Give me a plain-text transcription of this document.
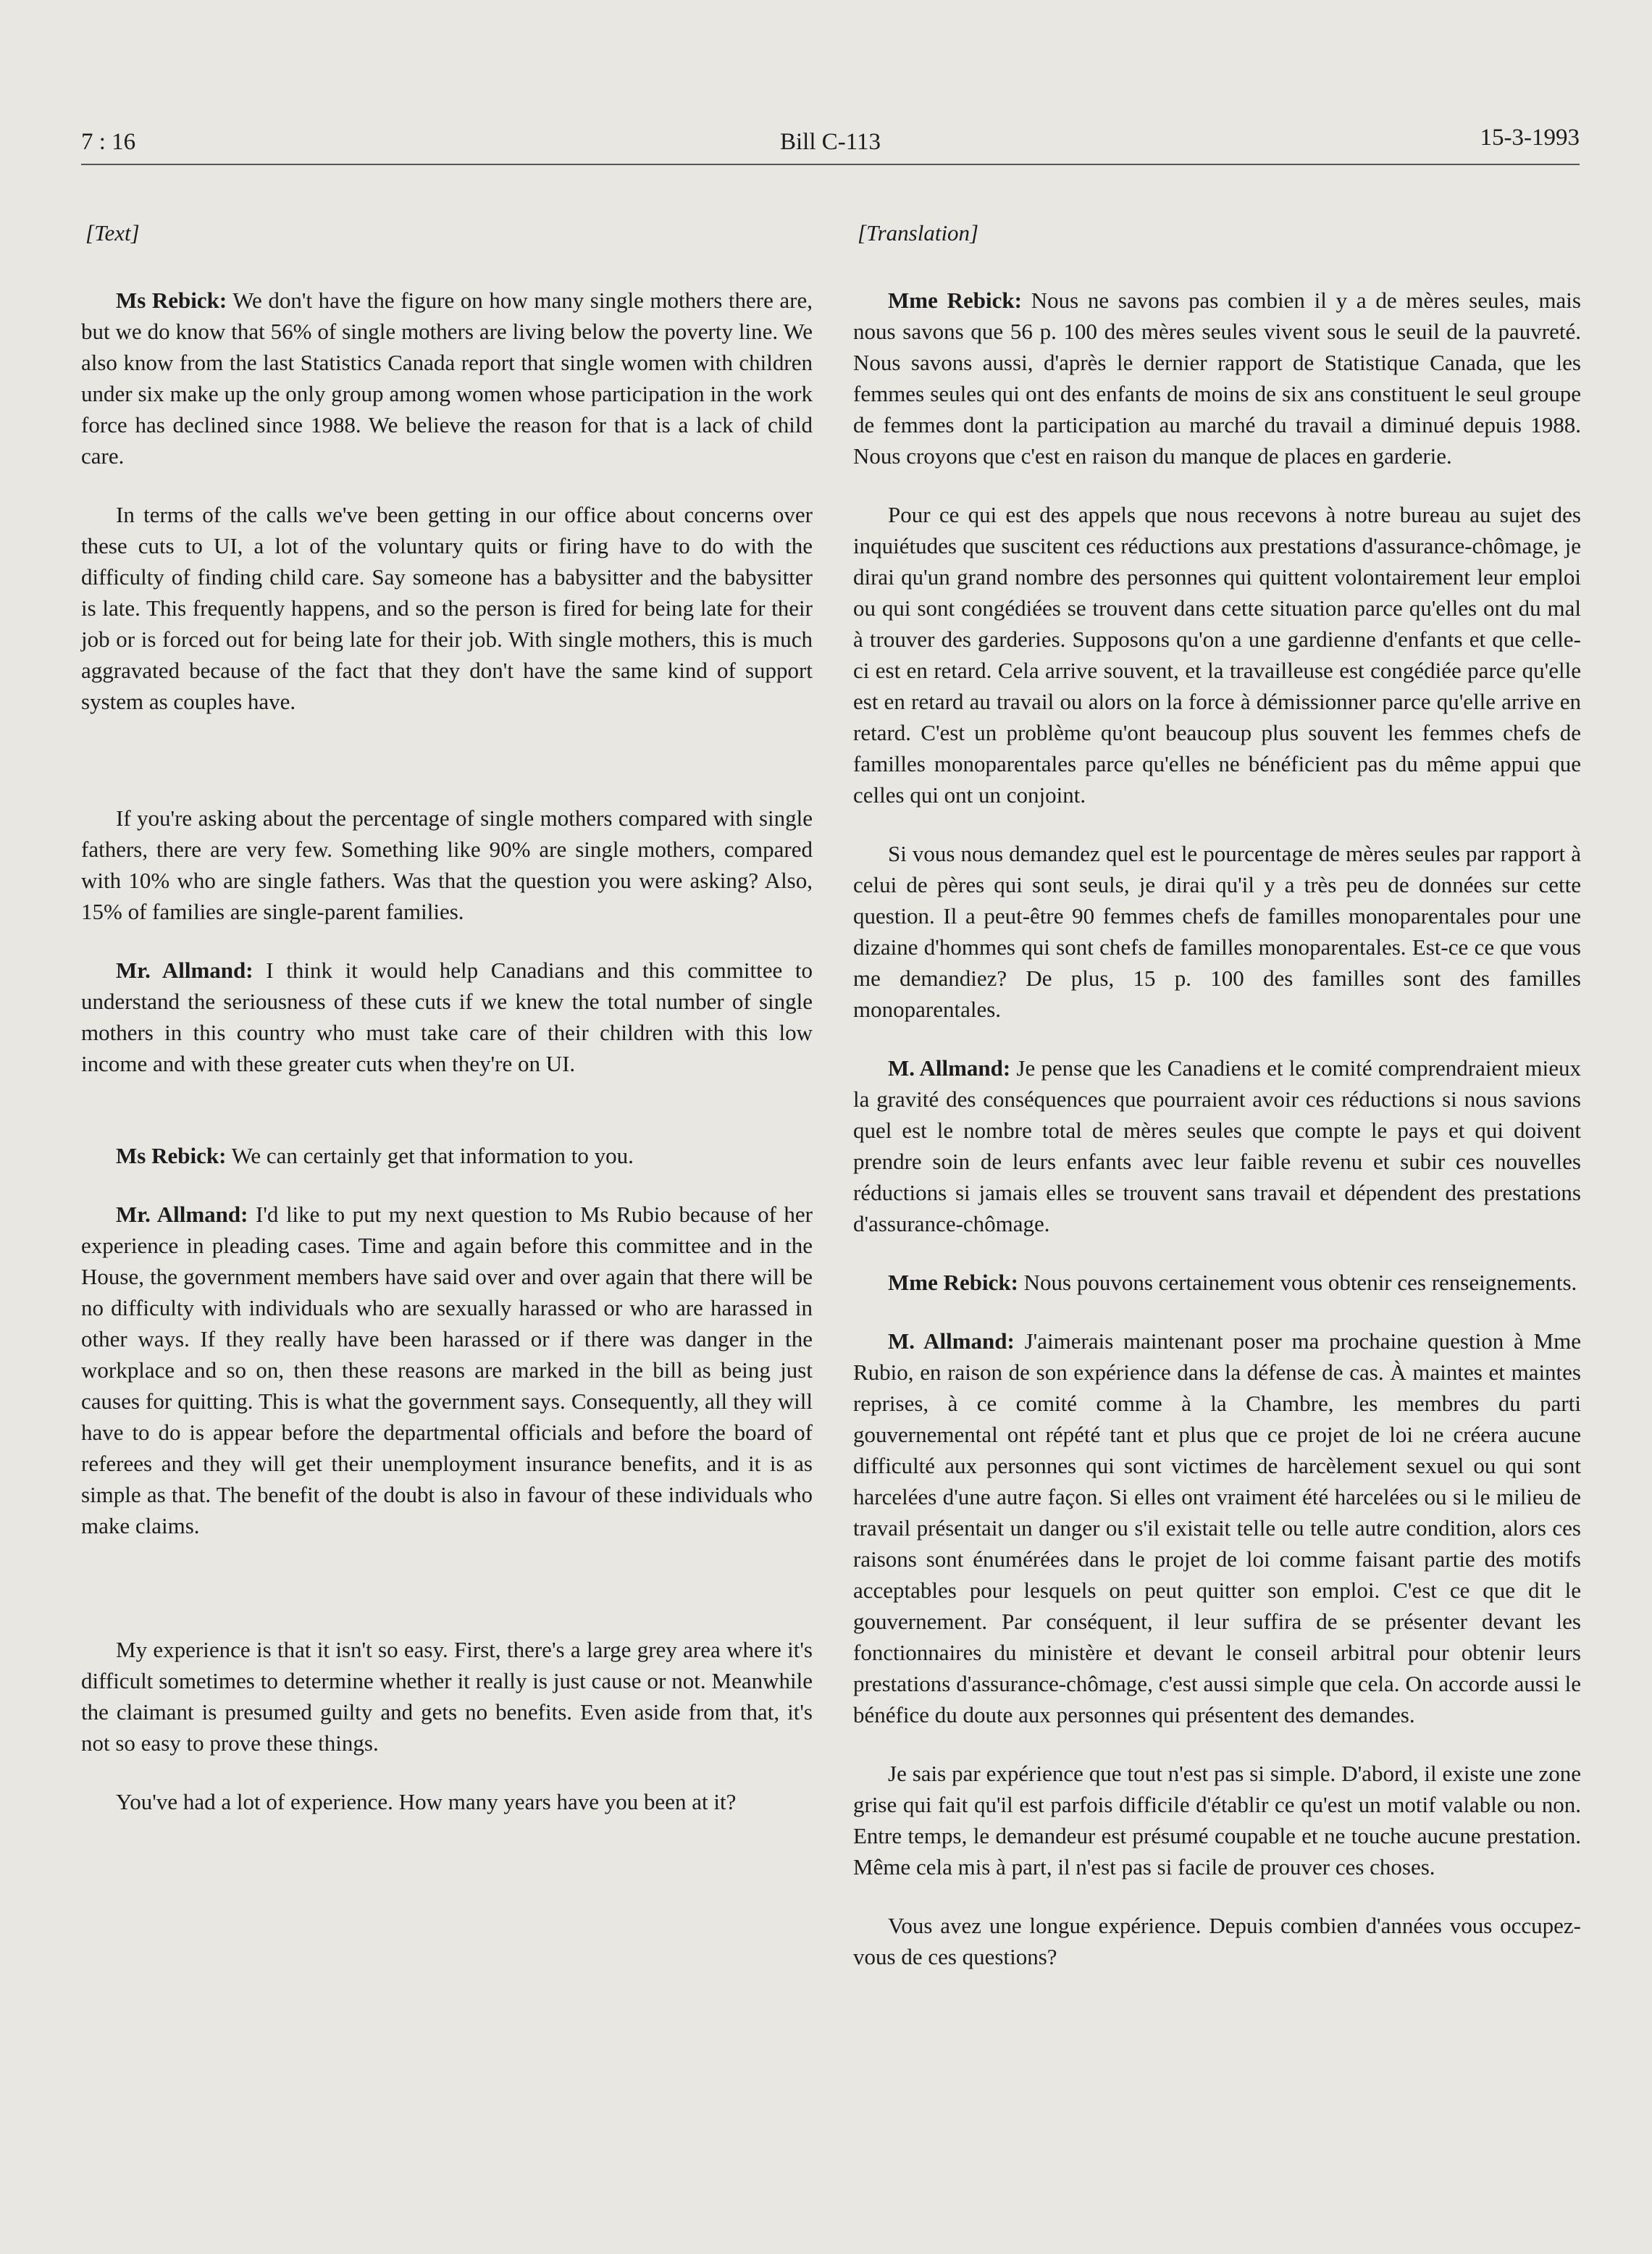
7 : 16	Bill C-113	15-3-1993
[Text]

Ms Rebick: We don't have the figure on how many single mothers there are, but we do know that 56% of single mothers are living below the poverty line. We also know from the last Statistics Canada report that single women with children under six make up the only group among women whose participation in the work force has declined since 1988. We believe the reason for that is a lack of child care.

In terms of the calls we've been getting in our office about concerns over these cuts to UI, a lot of the voluntary quits or firing have to do with the difficulty of finding child care. Say someone has a babysitter and the babysitter is late. This frequently happens, and so the person is fired for being late for their job or is forced out for being late for their job. With single mothers, this is much aggravated because of the fact that they don't have the same kind of support system as couples have.

If you're asking about the percentage of single mothers compared with single fathers, there are very few. Something like 90% are single mothers, compared with 10% who are single fathers. Was that the question you were asking? Also, 15% of families are single-parent families.

Mr. Allmand: I think it would help Canadians and this committee to understand the seriousness of these cuts if we knew the total number of single mothers in this country who must take care of their children with this low income and with these greater cuts when they're on UI.

Ms Rebick: We can certainly get that information to you.

Mr. Allmand: I'd like to put my next question to Ms Rubio because of her experience in pleading cases. Time and again before this committee and in the House, the government members have said over and over again that there will be no difficulty with individuals who are sexually harassed or who are harassed in other ways. If they really have been harassed or if there was danger in the workplace and so on, then these reasons are marked in the bill as being just causes for quitting. This is what the government says. Consequently, all they will have to do is appear before the departmental officials and before the board of referees and they will get their unemployment insurance benefits, and it is as simple as that. The benefit of the doubt is also in favour of these individuals who make claims.

My experience is that it isn't so easy. First, there's a large grey area where it's difficult sometimes to determine whether it really is just cause or not. Meanwhile the claimant is presumed guilty and gets no benefits. Even aside from that, it's not so easy to prove these things.

You've had a lot of experience. How many years have you been at it?

[Translation]

Mme Rebick: Nous ne savons pas combien il y a de mères seules, mais nous savons que 56 p. 100 des mères seules vivent sous le seuil de la pauvreté. Nous savons aussi, d'après le dernier rapport de Statistique Canada, que les femmes seules qui ont des enfants de moins de six ans constituent le seul groupe de femmes dont la participation au marché du travail a diminué depuis 1988. Nous croyons que c'est en raison du manque de places en garderie.

Pour ce qui est des appels que nous recevons à notre bureau au sujet des inquiétudes que suscitent ces réductions aux prestations d'assurance-chômage, je dirai qu'un grand nombre des personnes qui quittent volontairement leur emploi ou qui sont congédiées se trouvent dans cette situation parce qu'elles ont du mal à trouver des garderies. Supposons qu'on a une gardienne d'enfants et que celle-ci est en retard. Cela arrive souvent, et la travailleuse est congédiée parce qu'elle est en retard au travail ou alors on la force à démissionner parce qu'elle arrive en retard. C'est un problème qu'ont beaucoup plus souvent les femmes chefs de familles monoparentales parce qu'elles ne bénéficient pas du même appui que celles qui ont un conjoint.

Si vous nous demandez quel est le pourcentage de mères seules par rapport à celui de pères qui sont seuls, je dirai qu'il y a très peu de données sur cette question. Il a peut-être 90 femmes chefs de familles monoparentales pour une dizaine d'hommes qui sont chefs de familles monoparentales. Est-ce ce que vous me demandiez? De plus, 15 p. 100 des familles sont des familles monoparentales.

M. Allmand: Je pense que les Canadiens et le comité comprendraient mieux la gravité des conséquences que pourraient avoir ces réductions si nous savions quel est le nombre total de mères seules que compte le pays et qui doivent prendre soin de leurs enfants avec leur faible revenu et subir ces nouvelles réductions si jamais elles se trouvent sans travail et dépendent des prestations d'assurance-chômage.

Mme Rebick: Nous pouvons certainement vous obtenir ces renseignements.

M. Allmand: J'aimerais maintenant poser ma prochaine question à Mme Rubio, en raison de son expérience dans la défense de cas. À maintes et maintes reprises, à ce comité comme à la Chambre, les membres du parti gouvernemental ont répété tant et plus que ce projet de loi ne créera aucune difficulté aux personnes qui sont victimes de harcèlement sexuel ou qui sont harcelées d'une autre façon. Si elles ont vraiment été harcelées ou si le milieu de travail présentait un danger ou s'il existait telle ou telle autre condition, alors ces raisons sont énumérées dans le projet de loi comme faisant partie des motifs acceptables pour lesquels on peut quitter son emploi. C'est ce que dit le gouvernement. Par conséquent, il leur suffira de se présenter devant les fonctionnaires du ministère et devant le conseil arbitral pour obtenir leurs prestations d'assurance-chômage, c'est aussi simple que cela. On accorde aussi le bénéfice du doute aux personnes qui présentent des demandes.

Je sais par expérience que tout n'est pas si simple. D'abord, il existe une zone grise qui fait qu'il est parfois difficile d'établir ce qu'est un motif valable ou non. Entre temps, le demandeur est présumé coupable et ne touche aucune prestation. Même cela mis à part, il n'est pas si facile de prouver ces choses.

Vous avez une longue expérience. Depuis combien d'années vous occupez-vous de ces questions?
